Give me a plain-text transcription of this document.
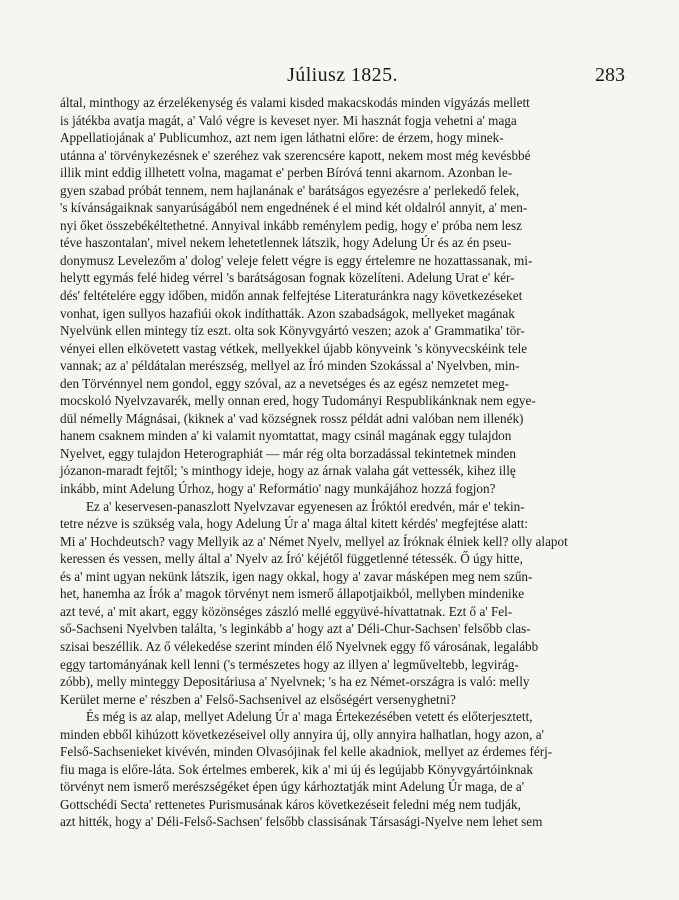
Júliusz 1825.	283
által, minthogy az érzelékenység és valami kisded makacskodás minden vigyázás mellett
is játékba avatja magát, a' Való végre is keveset nyer. Mi hasznát fogja vehetni a' maga
Appellatiojának a' Publicumhoz, azt nem igen láthatni előre: de érzem, hogy minek-
utánna a' törvénykezésnek e' szeréhez vak szerencsére kapott, nekem most még kevésbbé
illik mint eddig illhetett volna, magamat e' perben Bíróvá tenni akarnom. Azonban le-
gyen szabad próbát tennem, nem hajlanának e' barátságos egyezésre a' perlekedő felek,
's kívánságaiknak sanyarúságából nem engednének é el mind két oldalról annyit, a' men-
nyi őket összebékéltethetné. Annyival inkább reménylem pedig, hogy e' próba nem lesz
téve haszontalan', mivel nekem lehetetlennek látszik, hogy Adelung Úr és az én pseu-
donymusz Levelezőm a' dolog' veleje felett végre is eggy értelemre ne hozattassanak, mi-
helytt egymás felé hideg vérrel 's barátságosan fognak közelíteni. Adelung Urat e' kér-
dés' feltételére eggy időben, midőn annak felfejtése Literaturánkra nagy következéseket
vonhat, igen sullyos hazafiúi okok indíthatták. Azon szabadságok, mellyeket magának
Nyelvünk ellen mintegy tíz eszt. olta sok Könyvgyártó veszen; azok a' Grammatika' tör-
vényei ellen elkövetett vastag vétkek, mellyekkel újabb könyveink 's könyvecskéink tele
vannak; az a' példátalan merészség, mellyel az Író minden Szokással a' Nyelvben, min-
den Törvénnyel nem gondol, eggy szóval, az a nevetséges és az egész nemzetet meg-
mocskoló Nyelvzavarék, melly onnan ered, hogy Tudományi Respublikánknak nem egye-
dül némelly Mágnásai, (kiknek a' vad községnek rossz példát adni valóban nem illenék)
hanem csaknem minden a' ki valamit nyomtattat, magy csinál magának eggy tulajdon
Nyelvet, eggy tulajdon Heterographiát — már rég olta borzadással tekintetnek minden
józanon-maradt fejtől; 's minthogy ideje, hogy az árnak valaha gát vettessék, kihez illę
inkább, mint Adelung Úrhoz, hogy a' Reformátio' nagy munkájához hozzá fogjon?
Ez a' keservesen-panaszlott Nyelvzavar egyenesen az Íróktól eredvén, már e' tekin-
tetre nézve is szükség vala, hogy Adelung Úr a' maga által kitett kérdés' megfejtése alatt:
Mi a' Hochdeutsch? vagy Mellyik az a' Német Nyelv, mellyel az Íróknak élniek kell? olly alapot
keressen és vessen, melly által a' Nyelv az Író' kéjétől függetlenné tétessék. Ő úgy hitte,
és a' mint ugyan nekünk látszik, igen nagy okkal, hogy a' zavar másképen meg nem szűn-
het, hanemha az Írók a' magok törvényt nem ismerő állapotjaikból, mellyben mindenike
azt tevé, a' mit akart, eggy közönséges zászló mellé eggyüvé-hívattatnak. Ezt ő a' Fel-
ső-Sachseni Nyelvben találta, 's leginkább a' hogy azt a' Déli-Chur-Sachsen' felsőbb clas-
szisai beszéllik. Az ő vélekedése szerint minden élő Nyelvnek eggy fő városának, legalább
eggy tartományának kell lenni ('s természetes hogy az illyen a' legműveltebb, legvirág-
zóbb), melly minteggy Depositáriusa a' Nyelvnek; 's ha ez Német-országra is való: melly
Kerület merne e' részben a' Felső-Sachsenivel az elsőségért versenyghetni?
És még is az alap, mellyet Adelung Úr a' maga Értekezésében vetett és előterjesztett,
minden ebből kihúzott következéseivel olly annyira új, olly annyira halhatlan, hogy azon, a'
Felső-Sachsenieket kivévén, minden Olvasójinak fel kelle akadniok, mellyet az érdemes férj-
fiu maga is előre-láta. Sok értelmes emberek, kik a' mi új és legújabb Könyvgyártóinknak
törvényt nem ismerő merészségéket épen úgy kárhoztatják mint Adelung Úr maga, de a'
Gottschédi Secta' rettenetes Purismusának káros következéseit feledni még nem tudják,
azt hitték, hogy a' Déli-Felső-Sachsen' felsőbb classisának Társasági-Nyelve nem lehet sem
